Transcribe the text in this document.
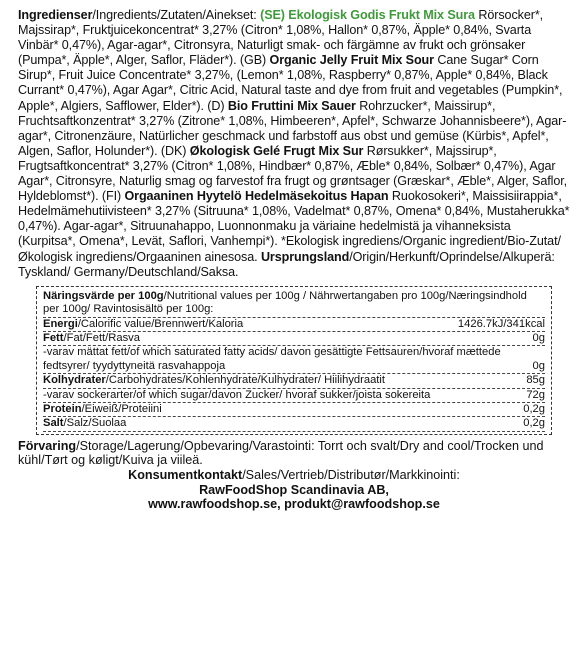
Ingredienser/Ingredients/Zutaten/Ainekset: (SE) Ekologisk Godis Frukt Mix Sura Rörsocker*, Majssirap*, Fruktjuicekoncentrat* 3,27% (Citron* 1,08%, Hallon* 0,87%, Äpple* 0,84%, Svarta Vinbär* 0,47%), Agar-agar*, Citronsyra, Naturligt smak- och färgämne av frukt och grönsaker (Pumpa*, Äpple*, Alger, Saflor, Fläder*). (GB) Organic Jelly Fruit Mix Sour Cane Sugar* Corn Sirup*, Fruit Juice Concentrate* 3,27%, (Lemon* 1,08%, Raspberry* 0,87%, Apple* 0,84%, Black Currant* 0,47%), Agar Agar*, Citric Acid, Natural taste and dye from fruit and vegetables (Pumpkin*, Apple*, Algiers, Safflower, Elder*). (D) Bio Fruttini Mix Sauer Rohrzucker*, Maissirup*, Fruchtsaftkonzentrat* 3,27% (Zitrone* 1,08%, Himbeeren*, Apfel*, Schwarze Johannisbeere*), Agar-agar*, Citronenzäure, Natürlicher geschmack und farbstoff aus obst und gemüse (Kürbis*, Apfel*, Algen, Saflor, Holunder*). (DK) Økologisk Gelé Frugt Mix Sur Rørsukker*, Majssirup*, Frugtsaftkoncentrat* 3,27% (Citron* 1,08%, Hindbær* 0,87%, Æble* 0,84%, Solbær* 0,47%), Agar Agar*, Citronsyre, Naturlig smag og farvestof fra frugt og grøntsager (Græskar*, Æble*, Alger, Saflor, Hyldeblomst*). (FI) Orgaaninen Hyytelö Hedelmäsekoitus Hapan Ruokosokeri*, Maissisiirappia*, Hedelmämehutiivisteen* 3,27% (Sitruuna* 1,08%, Vadelmat* 0,87%, Omena* 0,84%, Mustaherukka* 0,47%). Agar-agar*, Sitruunahappo, Luonnonmaku ja väriaine hedelmistä ja vihanneksista (Kurpitsa*, Omena*, Levät, Saflori, Vanhempi*). *Ekologisk ingrediens/Organic ingredient/Bio-Zutat/Økologisk ingrediens/Orgaaninen ainesosa. Ursprungsland/Origin/Herkunft/Oprindelse/Alkuperä: Tyskland/ Germany/Deutschland/Saksa.

Näringsvärde per 100g/Nutritional values per 100g / Nährwertangaben pro 100g/Næringsindhold per 100g/ Ravintosisältö per 100g:
Energi/Calorific value/Brennwert/Kaloria	1426.7kJ/341kcal
Fett/Fat/Fett/Rasva	0g
-varav mättat fett/of which saturated fatty acids/ davon gesättigte Fettsauren/hvoraf mættede fedtsyrer/ tyydyttyneitä rasvahappoja	0g
Kolhydrater/Carbohydrates/Kohlenhydrate/Kulhydrater/ Hiilihydraatit	85g
-varav sockerarter/of which sugar/davon Zucker/ hvoraf sukker/joista sokereita	72g
Protein/Eiweiß/Proteiini	0,2g
Salt/Salz/Suolaa	0,2g

Förvaring/Storage/Lagerung/Opbevaring/Varastointi: Torrt och svalt/Dry and cool/Trocken und kühl/Tørt og køligt/Kuiva ja viileä.

Konsumentkontakt/Sales/Vertrieb/Distributør/Markkinointi:

RawFoodShop Scandinavia AB,

www.rawfoodshop.se, produkt@rawfoodshop.se
